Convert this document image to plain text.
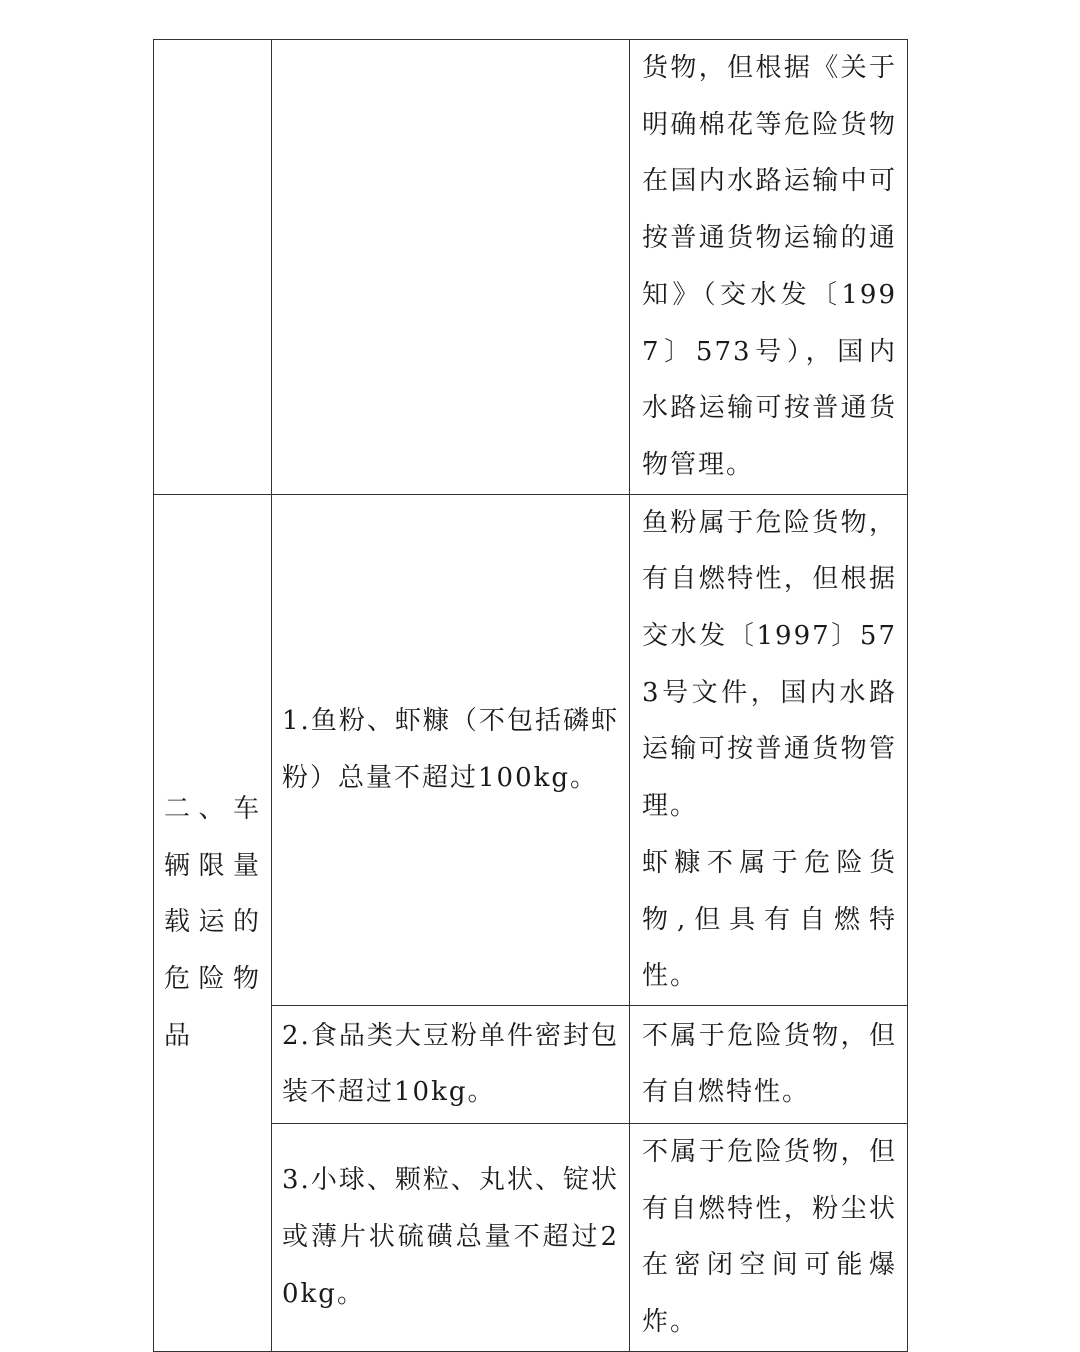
		货物，但根据《关于明确棉花等危险货物在国内水路运输中可按普通货物运输的通知》（交水发〔1997〕573号），国内水路运输可按普通货物管理。

二、车辆限量载运的危险物品	1.鱼粉、虾糠（不包括磷虾粉）总量不超过100kg。	鱼粉属于危险货物，有自燃特性，但根据交水发〔1997〕573号文件，国内水路运输可按普通货物管理。

虾糠不属于危险货物,但具有自燃特性。

	2.食品类大豆粉单件密封包装不超过10kg。	不属于危险货物，但有自燃特性。

	3.小球、颗粒、丸状、锭状或薄片状硫磺总量不超过20kg。	不属于危险货物，但有自燃特性，粉尘状在密闭空间可能爆炸。
